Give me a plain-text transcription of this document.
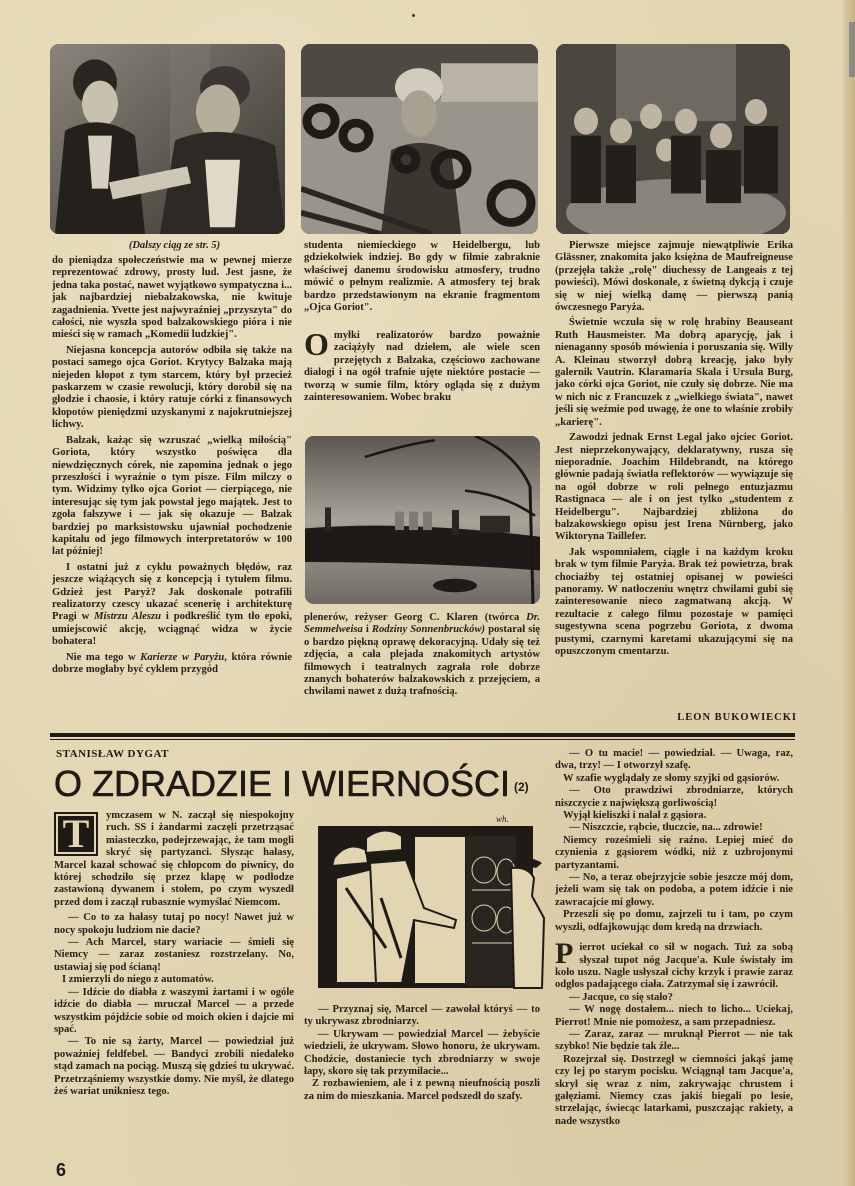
(Dalszy ciąg ze str. 5)

do pieniądza społeczeństwie ma w pewnej mierze reprezentować zdrowy, prosty lud. Jest jasne, że jedna taka postać, nawet wyjątkowo sympatyczna i... jak najbardziej niebalzakowska, nie kwituje zagadnienia. Yvette jest najwyraźniej „przyszyta" do całości, nie wyszła spod balzakowskiego pióra i nie mieści się w ramach „Komedii ludzkiej".

Niejasna koncepcja autorów odbiła się także na postaci samego ojca Goriot. Krytycy Balzaka mają niejeden kłopot z tym starcem, który był przecież paskarzem w czasie rewolucji, który dorobił się na głodzie i chaosie, i który ratuje córki z finansowych kłopotów pieniędzmi uzyskanymi z najokrutniejszej lichwy.

Balzak, każąc się wzruszać „wielką miłością" Goriota, który wszystko poświęca dla niewdzięcznych córek, nie zapomina jednak o jego przeszłości i wyraźnie o tym pisze. Film milczy o tym. Widzimy tylko ojca Goriot — cierpiącego, nie interesując się tym jak powstał jego majątek. Jest to zgoła fałszywe i — jak się okazuje — Balzak bardziej po marksistowsku ujawniał pochodzenie kapitału od jego filmowych interpretatorów w 100 lat później!

I ostatni już z cyklu poważnych błędów, raz jeszcze wiążących się z koncepcją i tytułem filmu. Gdzież jest Paryż? Jak doskonale potrafili realizatorzy czescy ukazać scenerię i architekturę Pragi w Mistrzu Aleszu i podkreślić tym tło epoki, umiejscowić akcję, wciągnąć widza w życie bohatera!

Nie ma tego w Karierze w Paryżu, która równie dobrze mogłaby być cyklem przygód

studenta niemieckiego w Heidelbergu, lub gdziekolwiek indziej. Bo gdy w filmie zabraknie właściwej danemu środowisku atmosfery, trudno mówić o pełnym realizmie. A atmosfery tej brak bardzo przedstawionym na ekranie fragmentom „Ojca Goriot".

Omyłki realizatorów bardzo poważnie zaciążyły nad dziełem, ale wiele scen przejętych z Balzaka, częściowo zachowane dialogi i na ogół trafnie ujęte niektóre postacie — tworzą w sumie film, który ogląda się z dużym zainteresowaniem. Wobec braku

plenerów, reżyser Georg C. Klaren (twórca Dr. Semmelweisa i Rodziny Sonnenbrucków) postarał się o bardzo piękną oprawę dekoracyjną. Udały się też zdjęcia, a cała plejada znakomitych artystów filmowych i teatralnych zagrała role dobrze znanych bohaterów balzakowskich z przejęciem, a chwilami nawet z dużą trafnością.

Pierwsze miejsce zajmuje niewątpliwie Erika Glässner, znakomita jako księżna de Maufreigneuse (przejęła także „rolę" diuchessy de Langeais z tej powieści). Mówi doskonale, z świetną dykcją i czuje się w niej wielką damę — pierwszą panią ówczesnego Paryża.

Świetnie wczuła się w rolę hrabiny Beauseant Ruth Hausmeister. Ma dobrą aparycję, jak i nienaganny sposób mówienia i poruszania się. Willy A. Kleinau stworzył dobrą kreację, jako były galernik Vautrin. Klaramaria Skala i Ursula Burg, jako córki ojca Goriot, nie czuły się dobrze. Nie ma w nich nic z Francuzek z „wielkiego świata", nawet jeśli się weźmie pod uwagę, że one to właśnie zrobiły „karierę".

Zawodzi jednak Ernst Legal jako ojciec Goriot. Jest nieprzekonywający, deklaratywny, rusza się nieporadnie. Joachim Hildebrandt, na którego głównie padają światła reflektorów — wywiązuje się na ogół dobrze w roli pełnego entuzjazmu Rastignaca — ale i on jest tylko „studentem z Heidelbergu". Najbardziej zbliżona do balzakowskiego opisu jest Irena Nürnberg, jako Wiktoryna Taillefer.

Jak wspomniałem, ciągle i na każdym kroku brak w tym filmie Paryża. Brak też powietrza, brak chociażby tej ostatniej opisanej w powieści panoramy. W natłoczeniu wnętrz chwilami gubi się zainteresowanie nieco zagmatwaną akcją. W rezultacie z całego filmu pozostaje w pamięci sugestywna scena pogrzebu Goriota, z dwoma pustymi, czarnymi karetami ukazującymi się na opuszczonym cmentarzu.

LEON BUKOWIECKI
STANISŁAW DYGAT
O ZDRADZIE I WIERNOŚCI $^{(2)}$

T	ymczasem w N. zaczął się niespokojny ruch. SS i żandarmi zaczęli przetrząsać miasteczko, podejrzewając, że tam mogli skryć się partyzanci. Słysząc hałasy, Marcel kazał schować się chłopcom do piwnicy, do której schodziło się przez klapę w podłodze zastawioną dywanem i stołem, po czym wyszedł przed dom i zaczął rubasznie wymyślać Niemcom.

— Co to za hałasy tutaj po nocy! Nawet już w nocy spokoju ludziom nie dacie?

— Ach Marcel, stary wariacie — śmieli się Niemcy — zaraz zostaniesz rozstrzelany. No, ustawiaj się pod ścianą!

I zmierzyli do niego z automatów.

— Idźcie do diabła z waszymi żartami i w ogóle idźcie do diabła — mruczał Marcel — a przede wszystkim pójdźcie sobie od moich okien i dajcie mi spać.

— To nie są żarty, Marcel — powiedział już poważniej feldfebel. — Bandyci zrobili niedaleko stąd zamach na pociąg. Muszą się gdzieś tu ukrywać. Przetrząśniemy wszystkie domy. Nie myśl, że dlatego żeś wariat unikniesz tego.

wh.

— Przyznaj się, Marcel — zawołał któryś — to ty ukrywasz zbrodniarzy.

— Ukrywam — powiedział Marcel — żebyście wiedzieli, że ukrywam. Słowo honoru, że ukrywam. Chodźcie, dostaniecie tych zbrodniarzy w swoje łapy, skoro się tak przymilacie...

Z rozbawieniem, ale i z pewną nieufnością poszli za nim do mieszkania. Marcel podszedł do szafy.

— O tu macie! — powiedział. — Uwaga, raz, dwa, trzy! — I otworzył szafę.

W szafie wyglądały ze słomy szyjki od gąsiorów.

— Oto prawdziwi zbrodniarze, których niszczycie z największą gorliwością!

Wyjął kieliszki i nalał z gąsiora.

— Niszczcie, rąbcie, tłuczcie, na... zdrowie!

Niemcy roześmieli się raźno. Lepiej mieć do czynienia z gąsiorem wódki, niż z uzbrojonymi partyzantami.

— No, a teraz obejrzyjcie sobie jeszcze mój dom, jeżeli wam się tak on podoba, a potem idźcie i nie zawracajcie mi głowy.

Przeszli się po domu, zajrzeli tu i tam, po czym wyszli, odfajkowując dom kredą na drzwiach.

Pierrot uciekał co sił w nogach. Tuż za sobą słyszał tupot nóg Jacque'a. Kule świstały im koło uszu. Nagle usłyszał cichy krzyk i prawie zaraz odgłos padającego ciała. Zatrzymał się i zawrócił.

— Jacque, co się stało?

— W nogę dostałem... niech to licho... Uciekaj, Pierrot! Mnie nie pomożesz, a sam przepadniesz.

— Zaraz, zaraz — mruknął Pierrot — nie tak szybko! Nie będzie tak źle...

Rozejrzał się. Dostrzegł w ciemności jakąś jamę czy lej po starym pocisku. Wciągnął tam Jacque'a, skrył się wraz z nim, zakrywając chrustem i gałęziami. Niemcy czas jakiś biegali po lesie, strzelając, świecąc latarkami, puszczając rakiety, a nade wszystko

6
